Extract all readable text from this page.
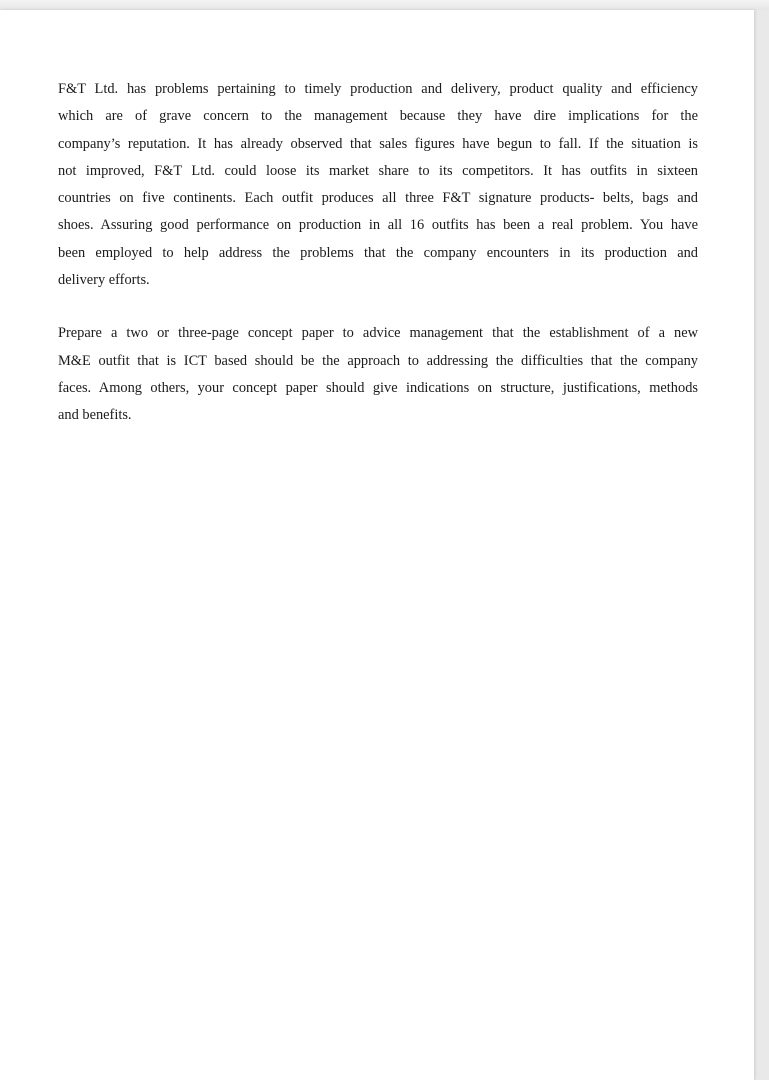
F&T Ltd. has problems pertaining to timely production and delivery, product quality and efficiency
which are of grave concern to the management because they have dire implications for the
company’s reputation. It has already observed that sales figures have begun to fall. If the situation is
not improved, F&T Ltd. could loose its market share to its competitors. It has outfits in sixteen
countries on five continents. Each outfit produces all three F&T signature products- belts, bags and
shoes. Assuring good performance on production in all 16 outfits has been a real problem. You have
been employed to help address the problems that the company encounters in its production and
delivery efforts.

Prepare a two or three-page concept paper to advice management that the establishment of a new
M&E outfit that is ICT based should be the approach to addressing the difficulties that the company
faces. Among others, your concept paper should give indications on structure, justifications, methods
and benefits.
